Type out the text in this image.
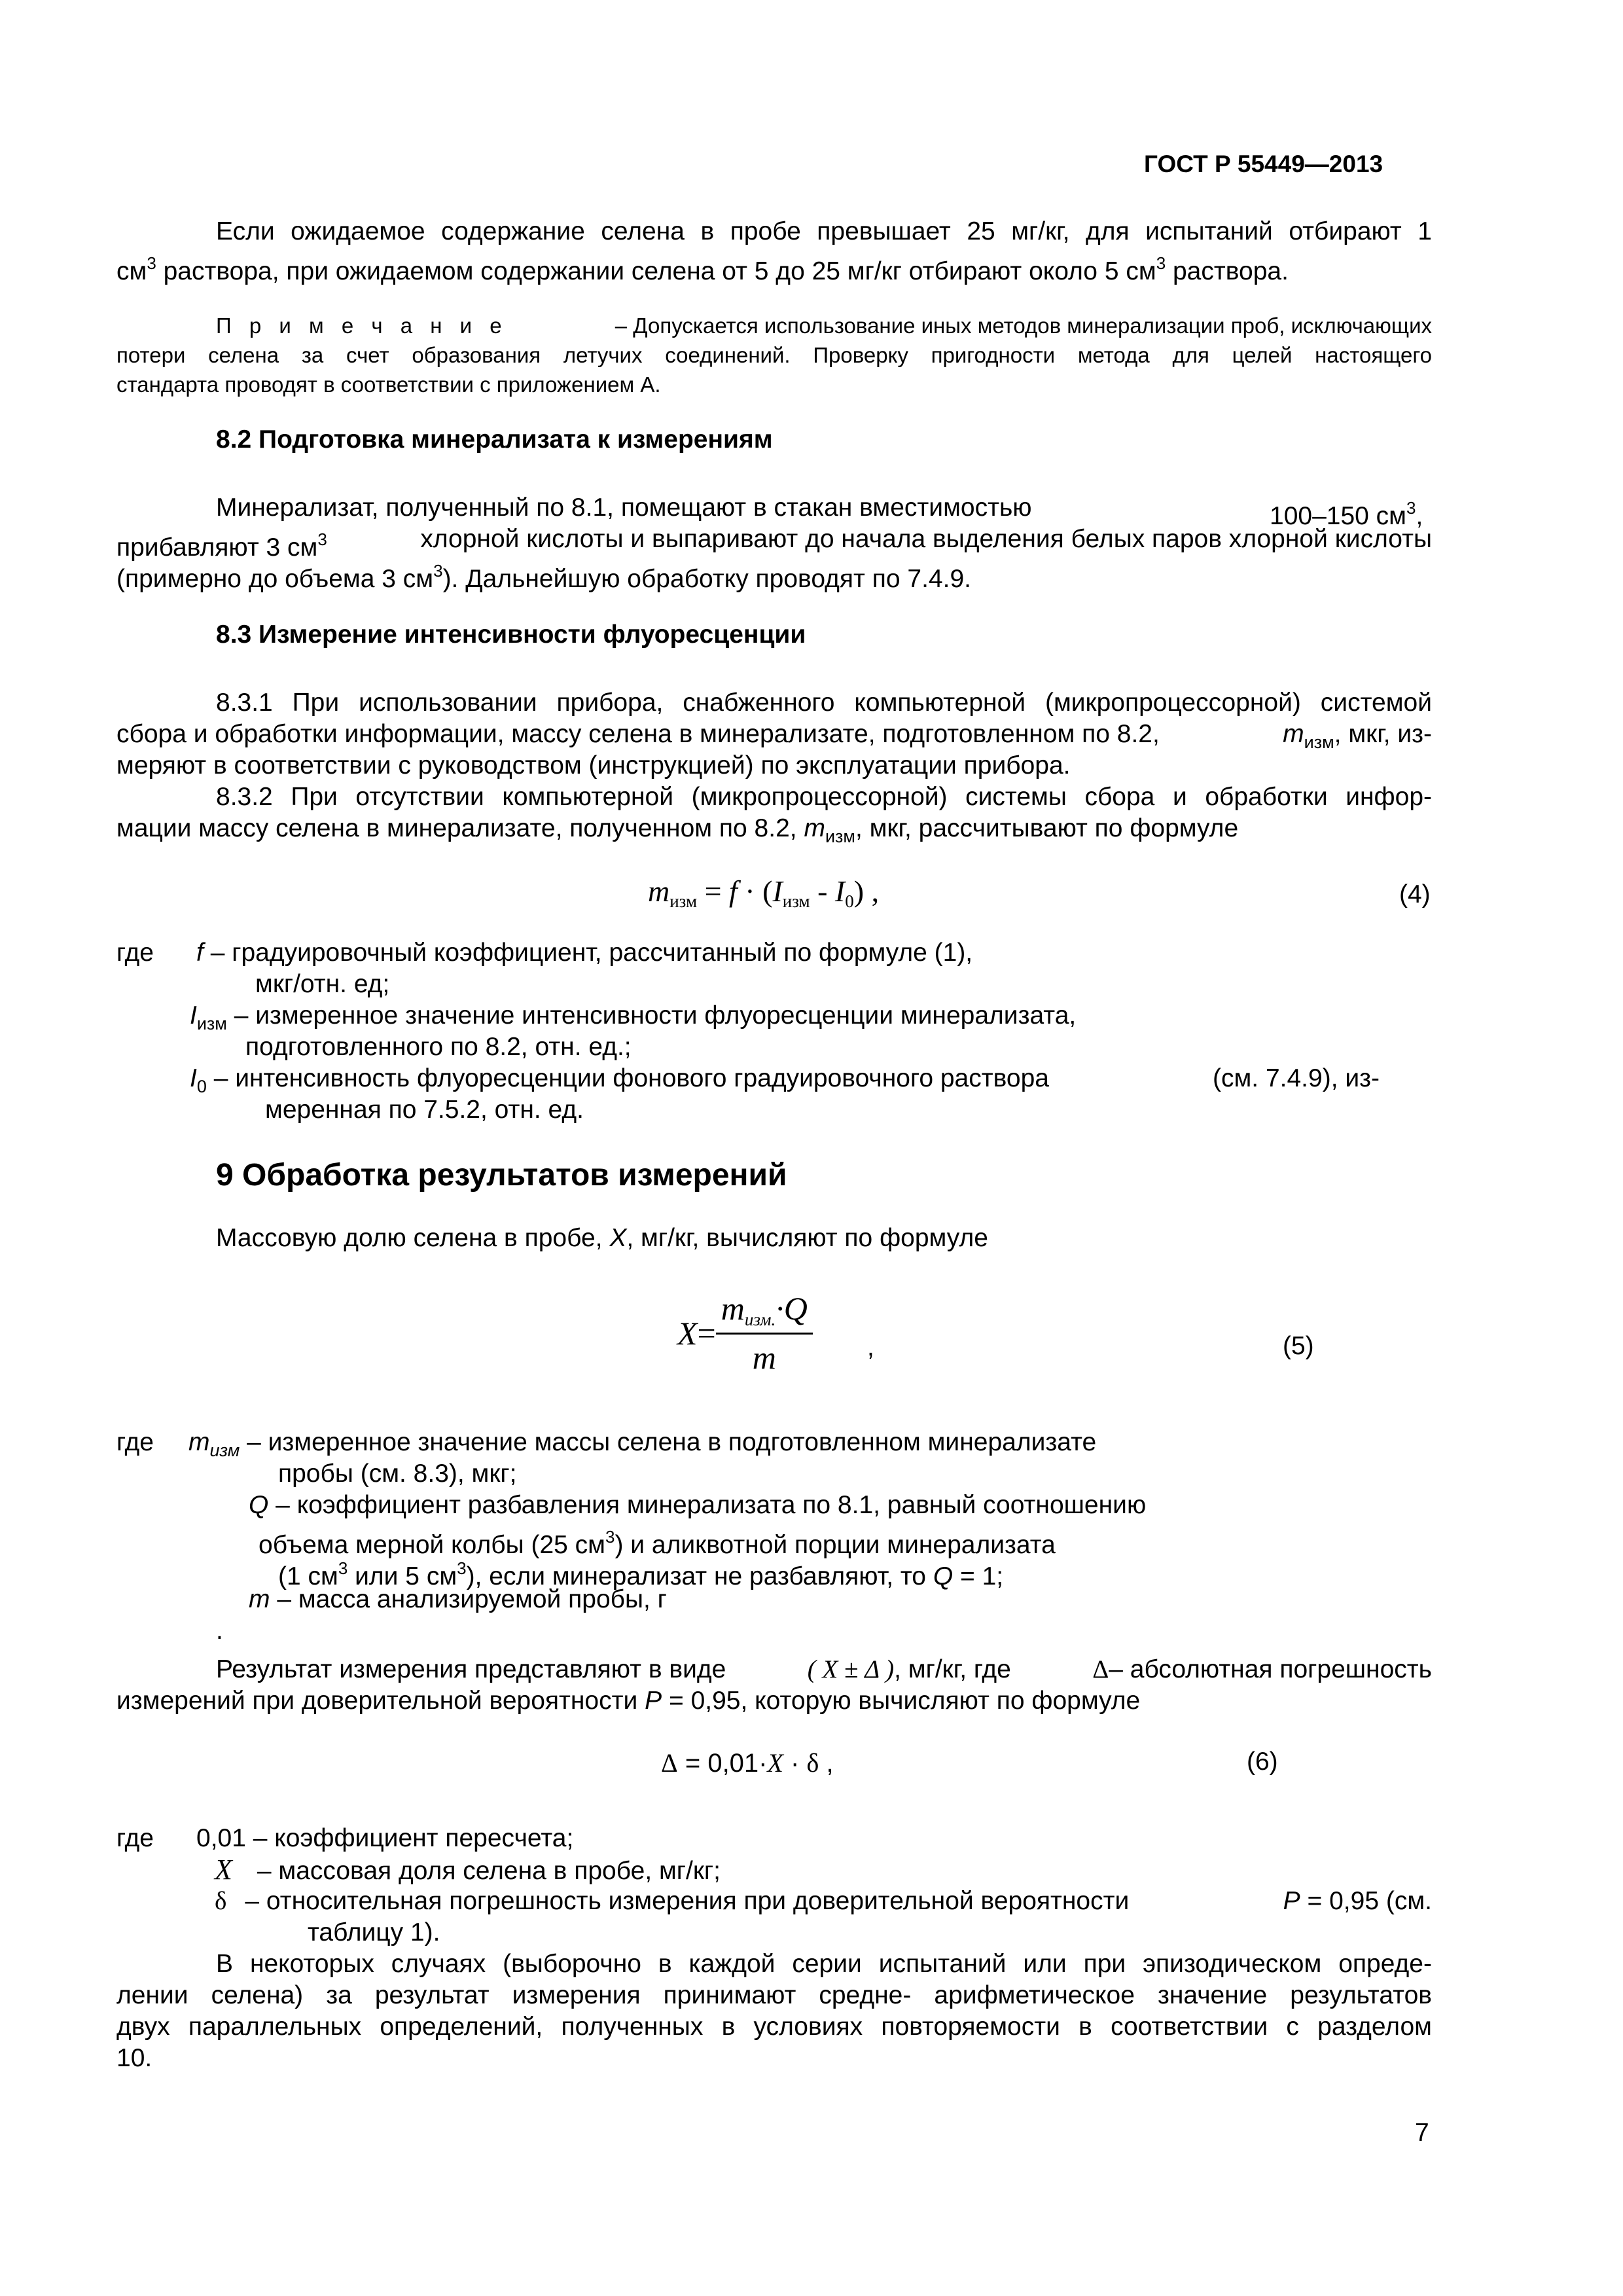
ГОСТ Р 55449—2013
Если ожидаемое содержание селена в пробе превышает 25 мг/кг, для испытаний отбирают 1
$см^3$ раствора, при ожидаемом содержании селена от 5 до 25 мг/кг отбирают около 5 $см^3$ раствора.
П р и м е ч а н и е	– Допускается использование иных методов минерализации проб, исключающих
потери селена за счет образования летучих соединений. Проверку пригодности метода для целей настоящего
стандарта проводят в соответствии с приложением А.
8.2 Подготовка минерализата к измерениям
Минерализат, полученный по 8.1, помещают в стакан вместимостью	100–150 $см^3$,
прибавляют 3 $см^3$	хлорной кислоты и выпаривают до начала выделения белых паров хлорной кислоты
(примерно до объема 3 $см^3$). Дальнейшую обработку проводят по 7.4.9.
8.3 Измерение интенсивности флуоресценции
8.3.1 При использовании прибора, снабженного компьютерной (микропроцессорной) системой
сбора и обработки информации, массу селена в минерализате, подготовленном по 8.2,	$m_{изм}$, мкг, из-
меряют в соответствии с руководством (инструкцией) по эксплуатации прибора.
8.3.2 При отсутствии компьютерной (микропроцессорной) системы сбора и обработки инфор-
мации массу селена в минерализате, полученном по 8.2, $m_{изм}$, мкг, рассчитывают по формуле
$m_{изм} = f \cdot (I_{изм} - I_0)$ ,	(4)
где f – градуировочный коэффициент, рассчитанный по формуле (1),
мкг/отн. ед;
$I_{изм}$ – измеренное значение интенсивности флуоресценции минерализата,
подготовленного по 8.2, отн. ед.;
$I_0$ – интенсивность флуоресценции фонового градуировочного раствора	(см. 7.4.9), из-
меренная по 7.5.2, отн. ед.
9 Обработка результатов измерений
Массовую долю селена в пробе, X, мг/кг, вычисляют по формуле
$X = \frac{m_{изм.}\cdot Q}{m}$ ,	(5)
где $m_{изм}$ – измеренное значение массы селена в подготовленном минерализате
пробы (см. 8.3), мкг;
Q – коэффициент разбавления минерализата по 8.1, равный соотношению
объема мерной колбы (25 $см^3$) и аликвотной порции минерализата
(1 $см^3$ или 5 $см^3$), если минерализат не разбавляют, то Q = 1;
m – масса анализируемой пробы, г
.
Результат измерения представляют в виде	( X ± Δ ), мг/кг, где	Δ– абсолютная погрешность
измерений при доверительной вероятности P = 0,95, которую вычисляют по формуле
Δ = 0,01·X · δ ,	(6)
где 0,01 – коэффициент пересчета;
X – массовая доля селена в пробе, мг/кг;
δ – относительная погрешность измерения при доверительной вероятности	P = 0,95 (см.
таблицу 1).
В некоторых случаях (выборочно в каждой серии испытаний или при эпизодическом опреде-
лении селена) за результат измерения принимают средне- арифметическое значение результатов
двух параллельных определений, полученных в условиях повторяемости в соответствии с разделом
10.
7
